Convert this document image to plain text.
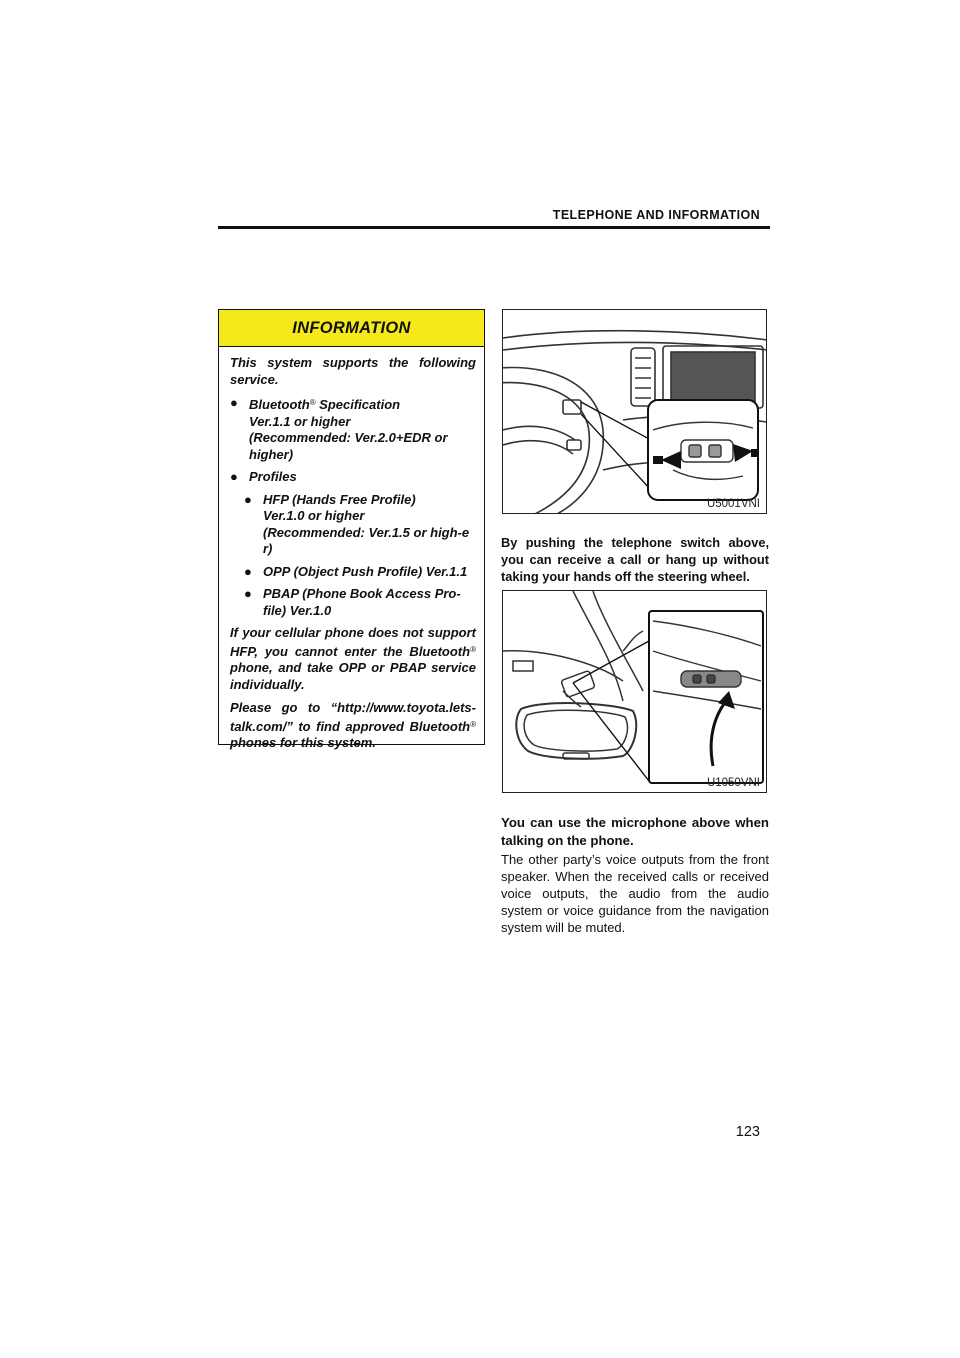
TELEPHONE AND INFORMATION
INFORMATION

This system supports the following service.

● Bluetooth® Specification
Ver.1.1 or higher
(Recommended: Ver.2.0+EDR or higher)
● Profiles
● HFP (Hands Free Profile)
Ver.1.0 or higher
(Recommended: Ver.1.5 or high-er)
● OPP (Object Push Profile) Ver.1.1
● PBAP (Phone Book Access Pro-file) Ver.1.0

If your cellular phone does not support HFP, you cannot enter the Bluetooth® phone, and take OPP or PBAP service individually.

Please go to “http://www.toyota.lets-talk.com/” to find approved Bluetooth® phones for this system.

U5001VNI
By pushing the telephone switch above, you can receive a call or hang up without taking your hands off the steering wheel.
U1050VNI
You can use the microphone above when talking on the phone.
The other party’s voice outputs from the front speaker. When the received calls or received voice outputs, the audio from the audio system or voice guidance from the navigation system will be muted.
123
